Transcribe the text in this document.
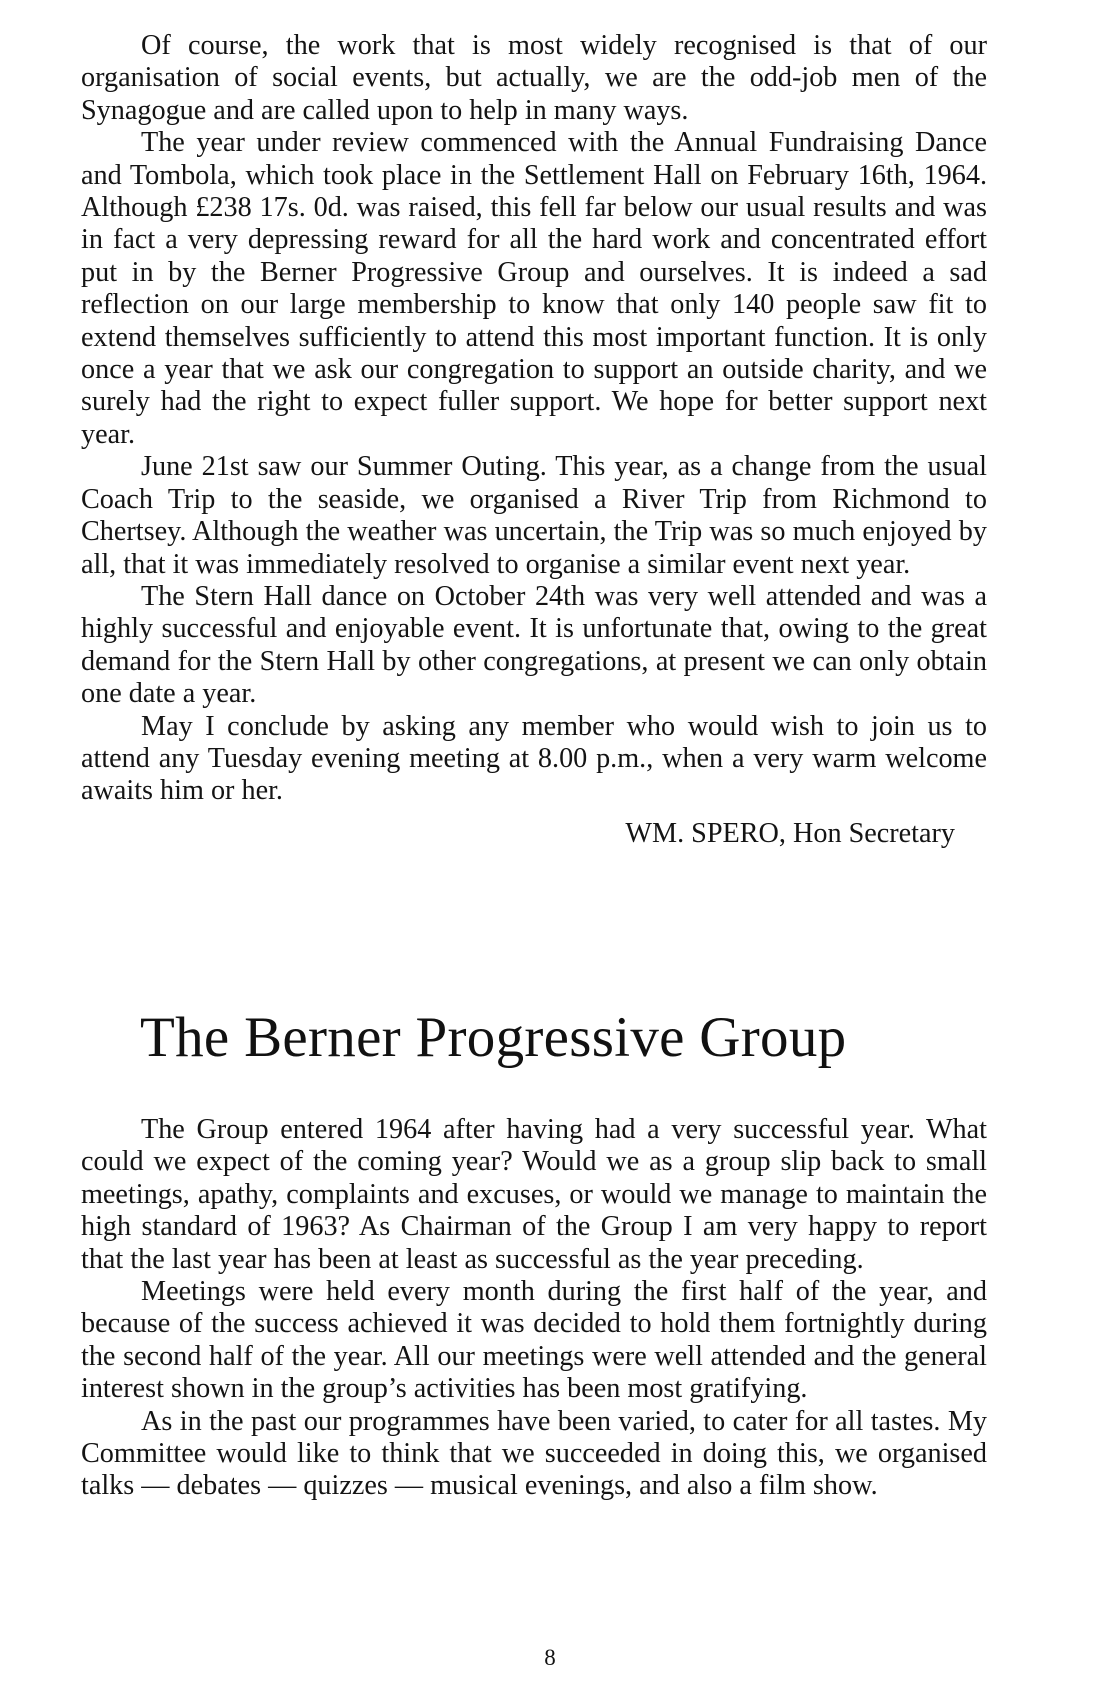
Of course, the work that is most widely recognised is that of our organisation of social events, but actually, we are the odd-job men of the Synagogue and are called upon to help in many ways.

The year under review commenced with the Annual Fundraising Dance and Tombola, which took place in the Settlement Hall on February 16th, 1964. Although £238 17s. 0d. was raised, this fell far below our usual results and was in fact a very depressing reward for all the hard work and concentrated effort put in by the Berner Progressive Group and ourselves. It is indeed a sad reflection on our large membership to know that only 140 people saw fit to extend themselves sufficiently to attend this most important function. It is only once a year that we ask our congregation to support an outside charity, and we surely had the right to expect fuller support. We hope for better support next year.

June 21st saw our Summer Outing. This year, as a change from the usual Coach Trip to the seaside, we organised a River Trip from Richmond to Chertsey. Although the weather was uncertain, the Trip was so much enjoyed by all, that it was immediately resolved to organise a similar event next year.

The Stern Hall dance on October 24th was very well attended and was a highly successful and enjoyable event. It is unfortunate that, owing to the great demand for the Stern Hall by other congregations, at present we can only obtain one date a year.

May I conclude by asking any member who would wish to join us to attend any Tuesday evening meeting at 8.00 p.m., when a very warm welcome awaits him or her.

WM. SPERO, Hon Secretary
The Berner Progressive Group

The Group entered 1964 after having had a very successful year. What could we expect of the coming year? Would we as a group slip back to small meetings, apathy, complaints and excuses, or would we manage to maintain the high standard of 1963? As Chairman of the Group I am very happy to report that the last year has been at least as successful as the year preceding.

Meetings were held every month during the first half of the year, and because of the success achieved it was decided to hold them fortnightly during the second half of the year. All our meetings were well attended and the general interest shown in the group’s activities has been most gratifying.

As in the past our programmes have been varied, to cater for all tastes. My Committee would like to think that we succeeded in doing this, we organised talks — debates — quizzes — musical evenings, and also a film show.

8
